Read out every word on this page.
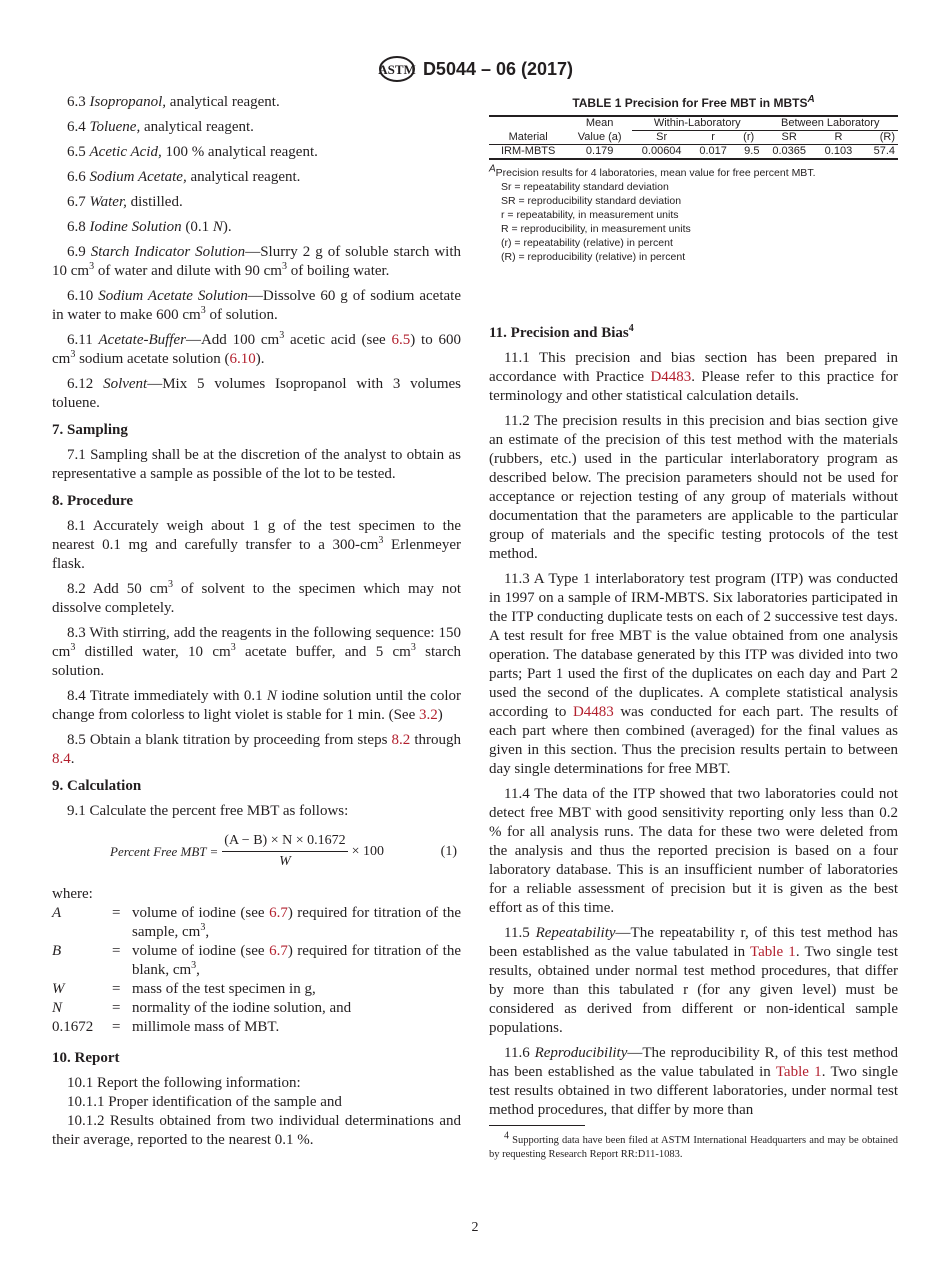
ASTM D5044 – 06 (2017)

6.3 Isopropanol, analytical reagent.

6.4 Toluene, analytical reagent.

6.5 Acetic Acid, 100 % analytical reagent.

6.6 Sodium Acetate, analytical reagent.

6.7 Water, distilled.

6.8 Iodine Solution (0.1 N).

6.9 Starch Indicator Solution—Slurry 2 g of soluble starch with 10 $cm^3$ of water and dilute with 90 $cm^3$ of boiling water.

6.10 Sodium Acetate Solution—Dissolve 60 g of sodium acetate in water to make 600 $cm^3$ of solution.

6.11 Acetate-Buffer—Add 100 $cm^3$ acetic acid (see 6.5) to 600 $cm^3$ sodium acetate solution (6.10).

6.12 Solvent—Mix 5 volumes Isopropanol with 3 volumes toluene.

7. Sampling

7.1 Sampling shall be at the discretion of the analyst to obtain as representative a sample as possible of the lot to be tested.

8. Procedure

8.1 Accurately weigh about 1 g of the test specimen to the nearest 0.1 mg and carefully transfer to a $300-cm^3$ Erlenmeyer flask.

8.2 Add 50 $cm^3$ of solvent to the specimen which may not dissolve completely.

8.3 With stirring, add the reagents in the following sequence: 150 $cm^3$ distilled water, 10 $cm^3$ acetate buffer, and 5 $cm^3$ starch solution.

8.4 Titrate immediately with 0.1 N iodine solution until the color change from colorless to light violet is stable for 1 min. (See 3.2)

8.5 Obtain a blank titration by proceeding from steps 8.2 through 8.4.

9. Calculation

9.1 Calculate the percent free MBT as follows:

Percent Free MBT = $\frac{(A - B) \times N \times 0.1672}{W} \times 100$	(1)
where:
A	= volume of iodine (see 6.7) required for titration of the sample, $cm^3$,
B	= volume of iodine (see 6.7) required for titration of the blank, $cm^3$,
W	= mass of the test specimen in g,
N	= normality of the iodine solution, and
0.1672	= millimole mass of MBT.
10. Report

10.1 Report the following information:

10.1.1 Proper identification of the sample and

10.1.2 Results obtained from two individual determinations and their average, reported to the nearest 0.1 %.

TABLE 1 Precision for Free MBT in $MBTS^A$
	Mean	Within-Laboratory			Between Laboratory		
Material	Value (a)	Sr	r	(r)	SR	R	(R)
IRM-MBTS	0.179	0.00604	0.017	9.5	0.0365	0.103	57.4
$^A$Precision results for 4 laboratories, mean value for free percent MBT.
Sr = repeatability standard deviation
SR = reproducibility standard deviation
r = repeatability, in measurement units
R = reproducibility, in measurement units
(r) = repeatability (relative) in percent
(R) = reproducibility (relative) in percent
11. Precision and Bias$^4$

11.1 This precision and bias section has been prepared in accordance with Practice D4483. Please refer to this practice for terminology and other statistical calculation details.

11.2 The precision results in this precision and bias section give an estimate of the precision of this test method with the materials (rubbers, etc.) used in the particular interlaboratory program as described below. The precision parameters should not be used for acceptance or rejection testing of any group of materials without documentation that the parameters are applicable to the particular group of materials and the specific testing protocols of the test method.

11.3 A Type 1 interlaboratory test program (ITP) was conducted in 1997 on a sample of IRM-MBTS. Six laboratories participated in the ITP conducting duplicate tests on each of 2 successive test days. A test result for free MBT is the value obtained from one analysis operation. The database generated by this ITP was divided into two parts; Part 1 used the first of the duplicates on each day and Part 2 used the second of the duplicates. A complete statistical analysis according to D4483 was conducted for each part. The results of each part where then combined (averaged) for the final values as given in this section. Thus the precision results pertain to between day single determinations for free MBT.

11.4 The data of the ITP showed that two laboratories could not detect free MBT with good sensitivity reporting only less than 0.2 % for all analysis runs. The data for these two were deleted from the analysis and thus the reported precision is based on a four laboratory database. This is an insufficient number of laboratories for a reliable assessment of precision but it is given as the best effort as of this time.

11.5 Repeatability—The repeatability r, of this test method has been established as the value tabulated in Table 1. Two single test results, obtained under normal test method procedures, that differ by more than this tabulated r (for any given level) must be considered as derived from different or non-identical sample populations.

11.6 Reproducibility—The reproducibility R, of this test method has been established as the value tabulated in Table 1. Two single test results obtained in two different laboratories, under normal test method procedures, that differ by more than

$^4$ Supporting data have been filed at ASTM International Headquarters and may be obtained by requesting Research Report RR:D11-1083.

2
